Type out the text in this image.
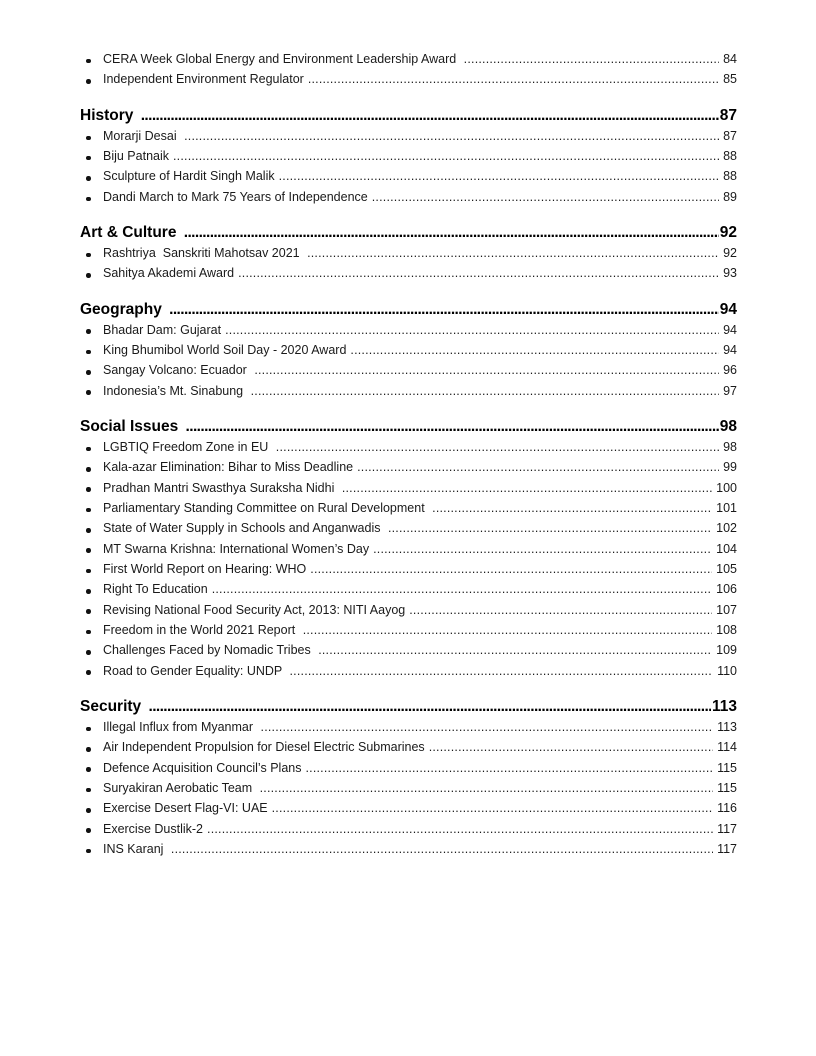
CERA Week Global Energy and Environment Leadership Award .....	84
Independent Environment Regulator .....	85
History .....	87
Morarji Desai .....	87
Biju Patnaik .....	88
Sculpture of Hardit Singh Malik .....	88
Dandi March to Mark 75 Years of Independence .....	89
Art & Culture .....	92
Rashtriya  Sanskriti Mahotsav 2021 .....	92
Sahitya Akademi Award .....	93
Geography .....	94
Bhadar Dam: Gujarat .....	94
King Bhumibol World Soil Day - 2020 Award .....	94
Sangay Volcano: Ecuador .....	96
Indonesia’s Mt. Sinabung .....	97
Social Issues .....	98
LGBTIQ Freedom Zone in EU .....	98
Kala-azar Elimination: Bihar to Miss Deadline .....	99
Pradhan Mantri Swasthya Suraksha Nidhi .....	100
Parliamentary Standing Committee on Rural Development .....	101
State of Water Supply in Schools and Anganwadis .....	102
MT Swarna Krishna: International Women’s Day .....	104
First World Report on Hearing: WHO .....	105
Right To Education .....	106
Revising National Food Security Act, 2013: NITI Aayog .....	107
Freedom in the World 2021 Report .....	108
Challenges Faced by Nomadic Tribes .....	109
Road to Gender Equality: UNDP .....	110
Security .....	113
Illegal Influx from Myanmar .....	113
Air Independent Propulsion for Diesel Electric Submarines .....	114
Defence Acquisition Council’s Plans .....	115
Suryakiran Aerobatic Team .....	115
Exercise Desert Flag-VI: UAE .....	116
Exercise Dustlik-2 .....	117
INS Karanj .....	117
